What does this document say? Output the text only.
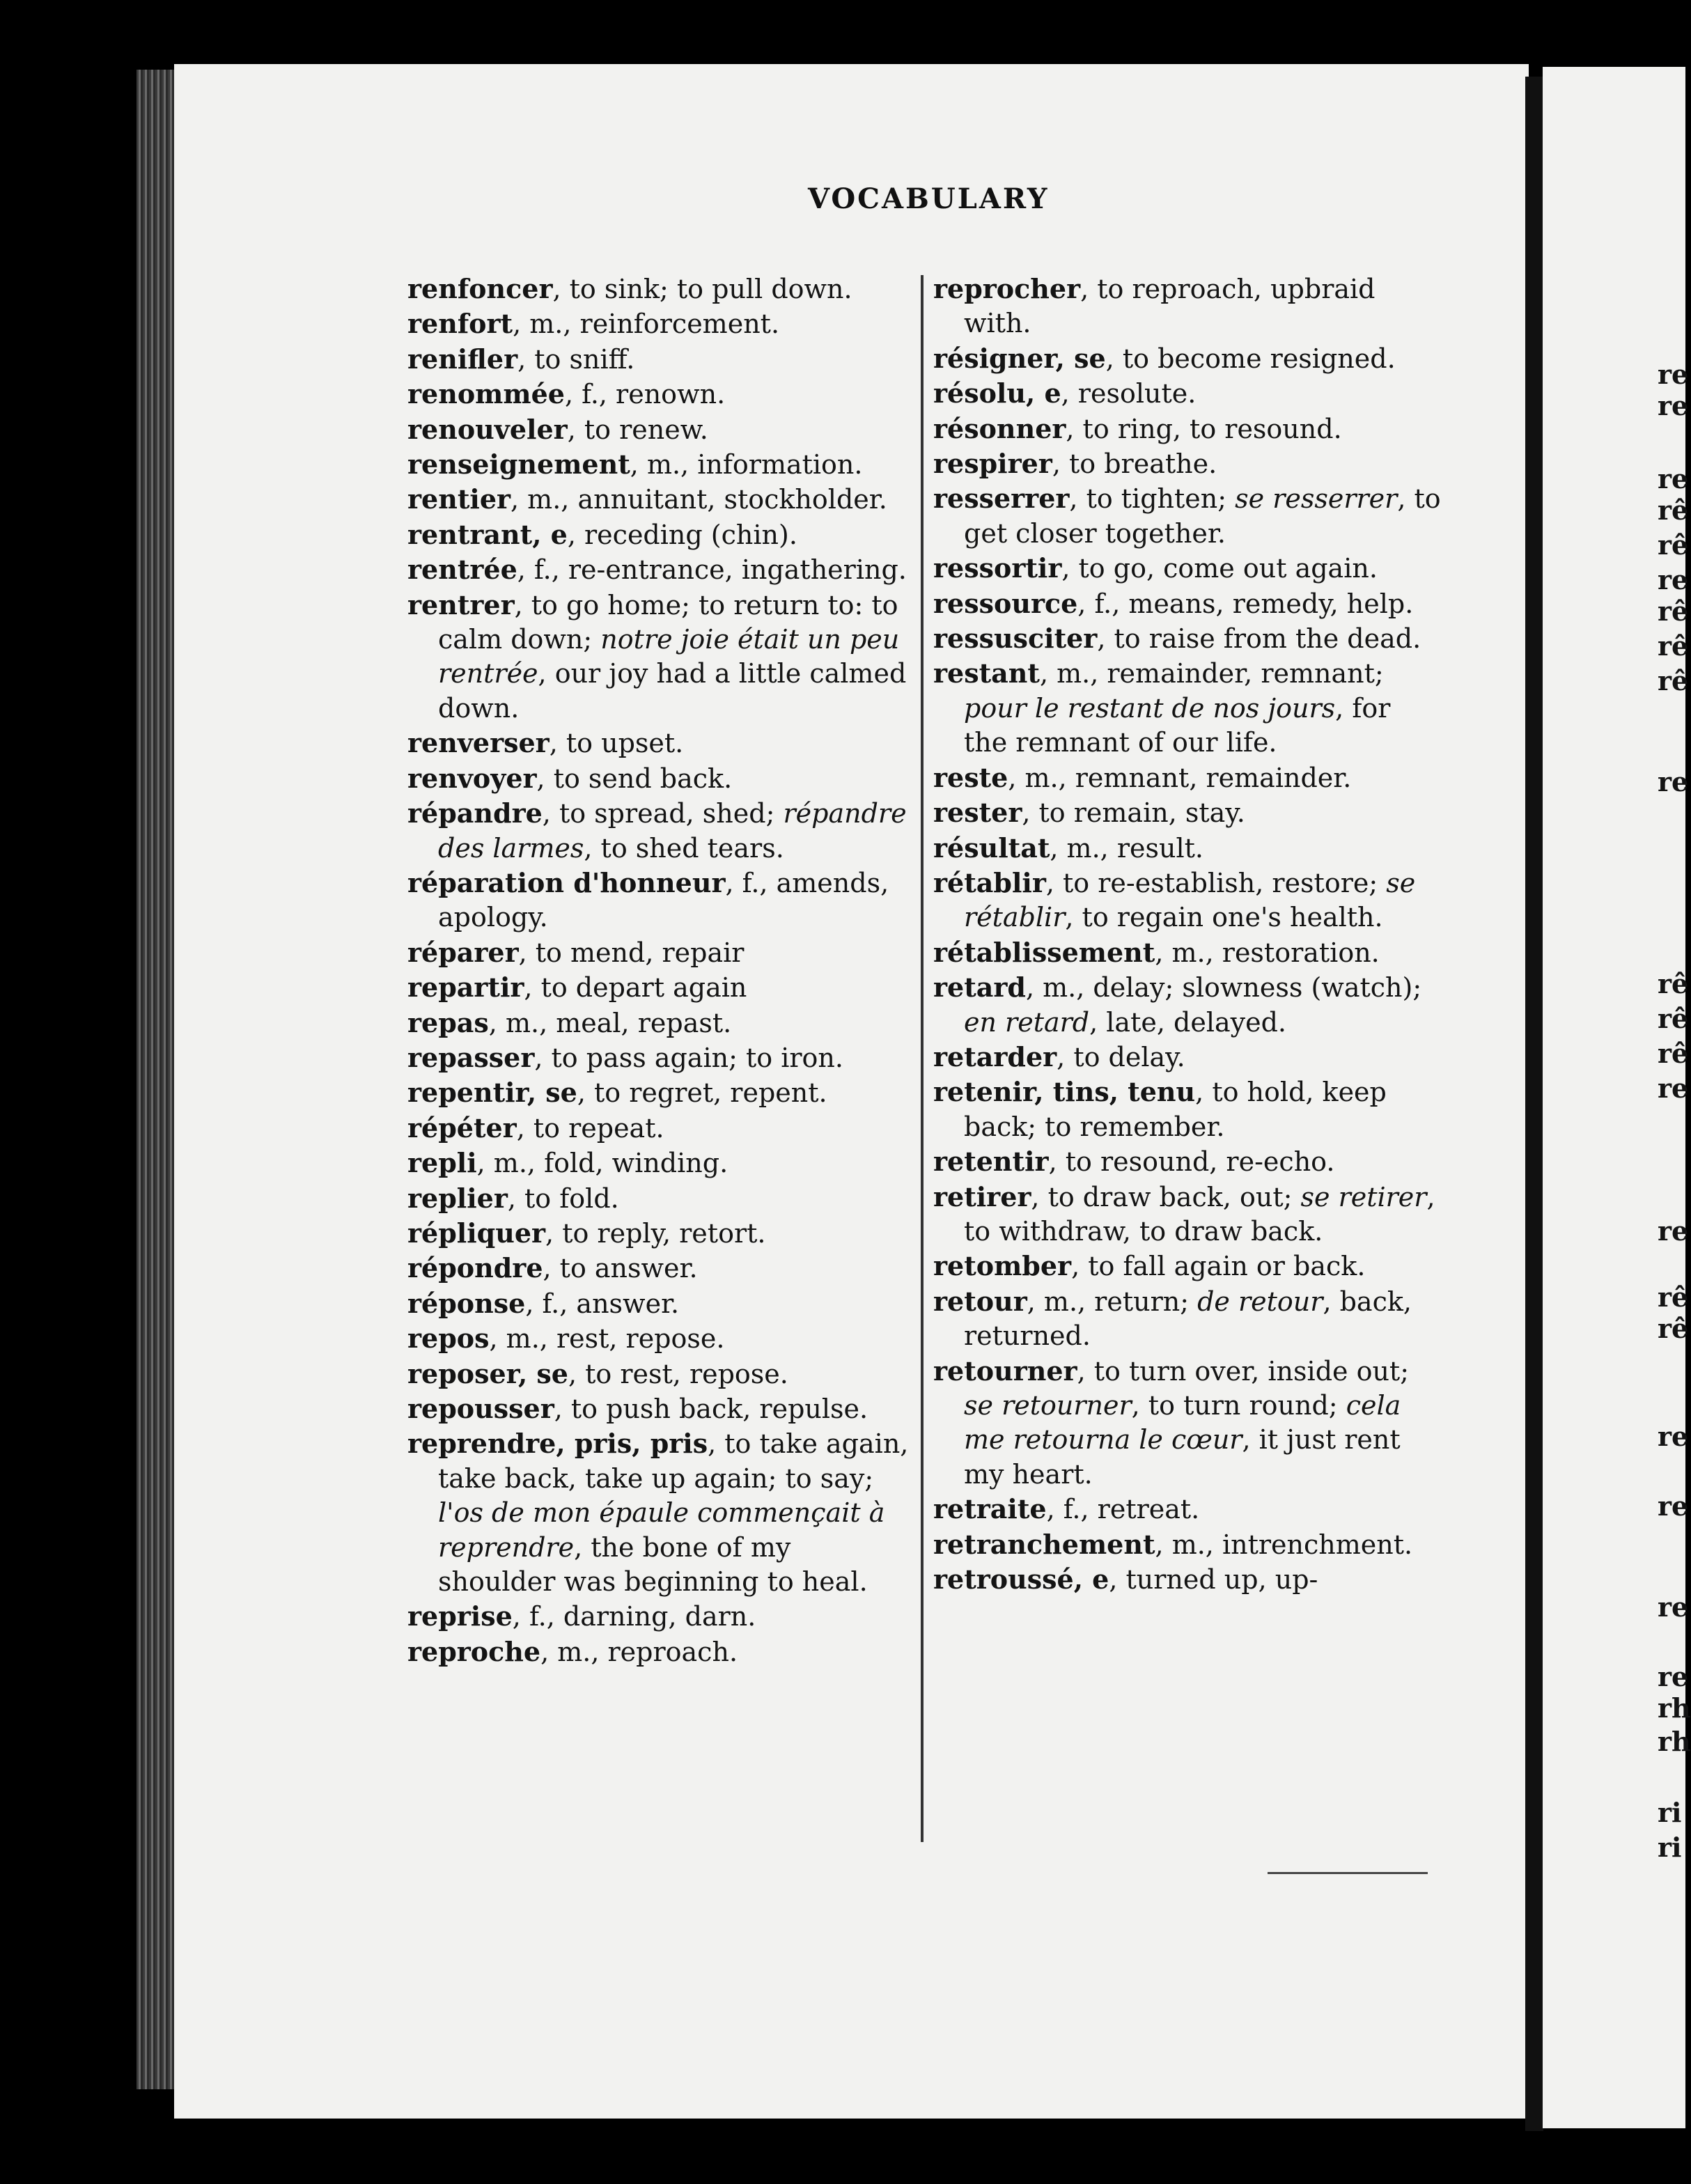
VOCABULARY

renfoncer, to sink; to pull down.

renfort, m., reinforcement.

renifler, to sniff.

renommée, f., renown.

renouveler, to renew.

renseignement, m., information.

rentier, m., annuitant, stockholder.

rentrant, e, receding (chin).

rentrée, f., re-entrance, ingathering.

rentrer, to go home; to return to: to calm down; notre joie était un peu rentrée, our joy had a little calmed down.

renverser, to upset.

renvoyer, to send back.

répandre, to spread, shed; répandre des larmes, to shed tears.

réparation d'honneur, f., amends, apology.

réparer, to mend, repair

repartir, to depart again

repas, m., meal, repast.

repasser, to pass again; to iron.

repentir, se, to regret, repent.

répéter, to repeat.

repli, m., fold, winding.

replier, to fold.

répliquer, to reply, retort.

répondre, to answer.

réponse, f., answer.

repos, m., rest, repose.

reposer, se, to rest, repose.

repousser, to push back, repulse.

reprendre, pris, pris, to take again, take back, take up again; to say; l'os de mon épaule commençait à reprendre, the bone of my shoulder was beginning to heal.

reprise, f., darning, darn.

reproche, m., reproach.

reprocher, to reproach, upbraid with.

résigner, se, to become resigned.

résolu, e, resolute.

résonner, to ring, to resound.

respirer, to breathe.

resserrer, to tighten; se resserrer, to get closer together.

ressortir, to go, come out again.

ressource, f., means, remedy, help.

ressusciter, to raise from the dead.

restant, m., remainder, remnant; pour le restant de nos jours, for the remnant of our life.

reste, m., remnant, remainder.

rester, to remain, stay.

résultat, m., result.

rétablir, to re-establish, restore; se rétablir, to regain one's health.

rétablissement, m., restoration.

retard, m., delay; slowness (watch); en retard, late, delayed.

retarder, to delay.

retenir, tins, tenu, to hold, keep back; to remember.

retentir, to resound, re-echo.

retirer, to draw back, out; se retirer, to withdraw, to draw back.

retomber, to fall again or back.

retour, m., return; de retour, back, returned.

retourner, to turn over, inside out; se retourner, to turn round; cela me retourna le cœur, it just rent my heart.

retraite, f., retreat.

retranchement, m., intrenchment.

retroussé, e, turned up, up-

re
re
re
rê
rê
re
rê
rê
rê
re
rê
rê
rê
re
re
rê
rê
re
re
re
re
rh
rh
ri
ri
